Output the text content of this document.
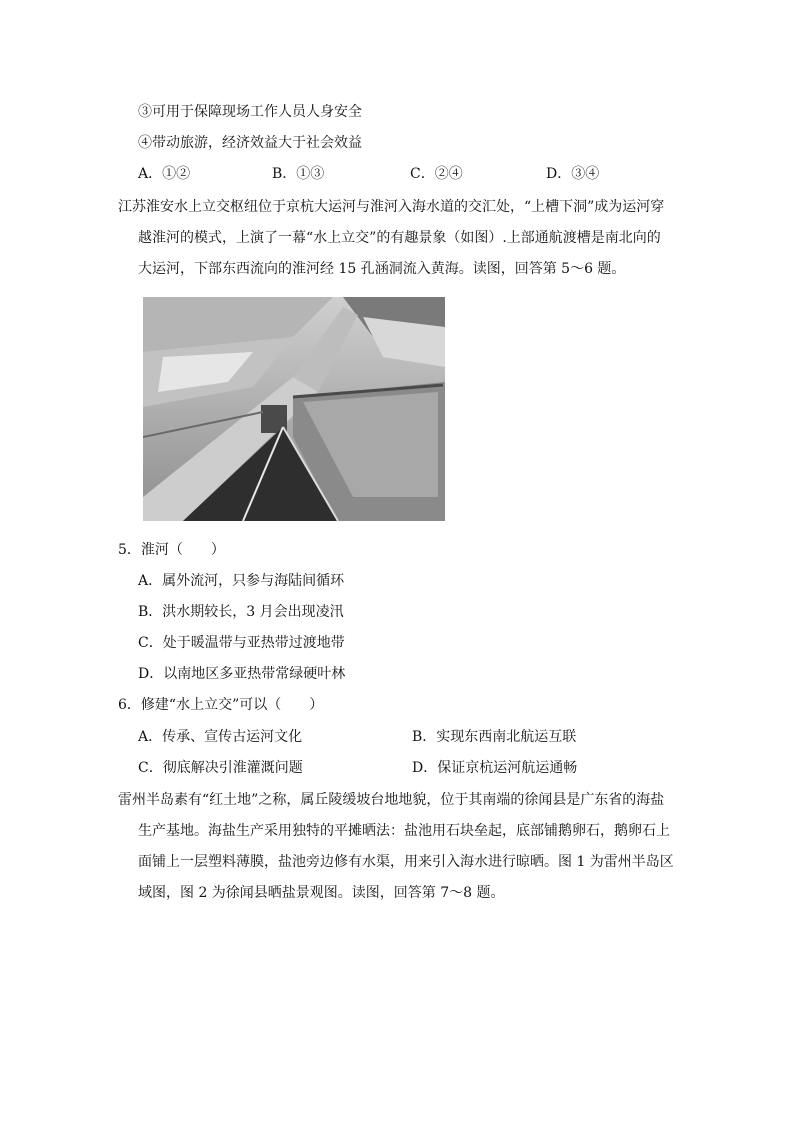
③可用于保障现场工作人员人身安全
④带动旅游，经济效益大于社会效益
A．①②	B．①③	C．②④	D．③④
江苏淮安水上立交枢纽位于京杭大运河与淮河入海水道的交汇处，“上槽下洞”成为运河穿
越淮河的模式，上演了一幕“水上立交”的有趣景象（如图）.上部通航渡槽是南北向的
大运河，下部东西流向的淮河经 15 孔涵洞流入黄海。读图，回答第 5～6 题。
5．淮河（　　）
A．属外流河，只参与海陆间循环
B．洪水期较长，3 月会出现凌汛
C．处于暖温带与亚热带过渡地带
D．以南地区多亚热带常绿硬叶林
6．修建“水上立交”可以（　　）
A．传承、宣传古运河文化	B．实现东西南北航运互联
C．彻底解决引淮灌溉问题	D．保证京杭运河航运通畅
雷州半岛素有“红土地”之称，属丘陵缓坡台地地貌，位于其南端的徐闻县是广东省的海盐
生产基地。海盐生产采用独特的平摊晒法：盐池用石块垒起，底部铺鹅卵石，鹅卵石上
面铺上一层塑料薄膜，盐池旁边修有水渠，用来引入海水进行晾晒。图 1 为雷州半岛区
域图，图 2 为徐闻县晒盐景观图。读图，回答第 7～8 题。
